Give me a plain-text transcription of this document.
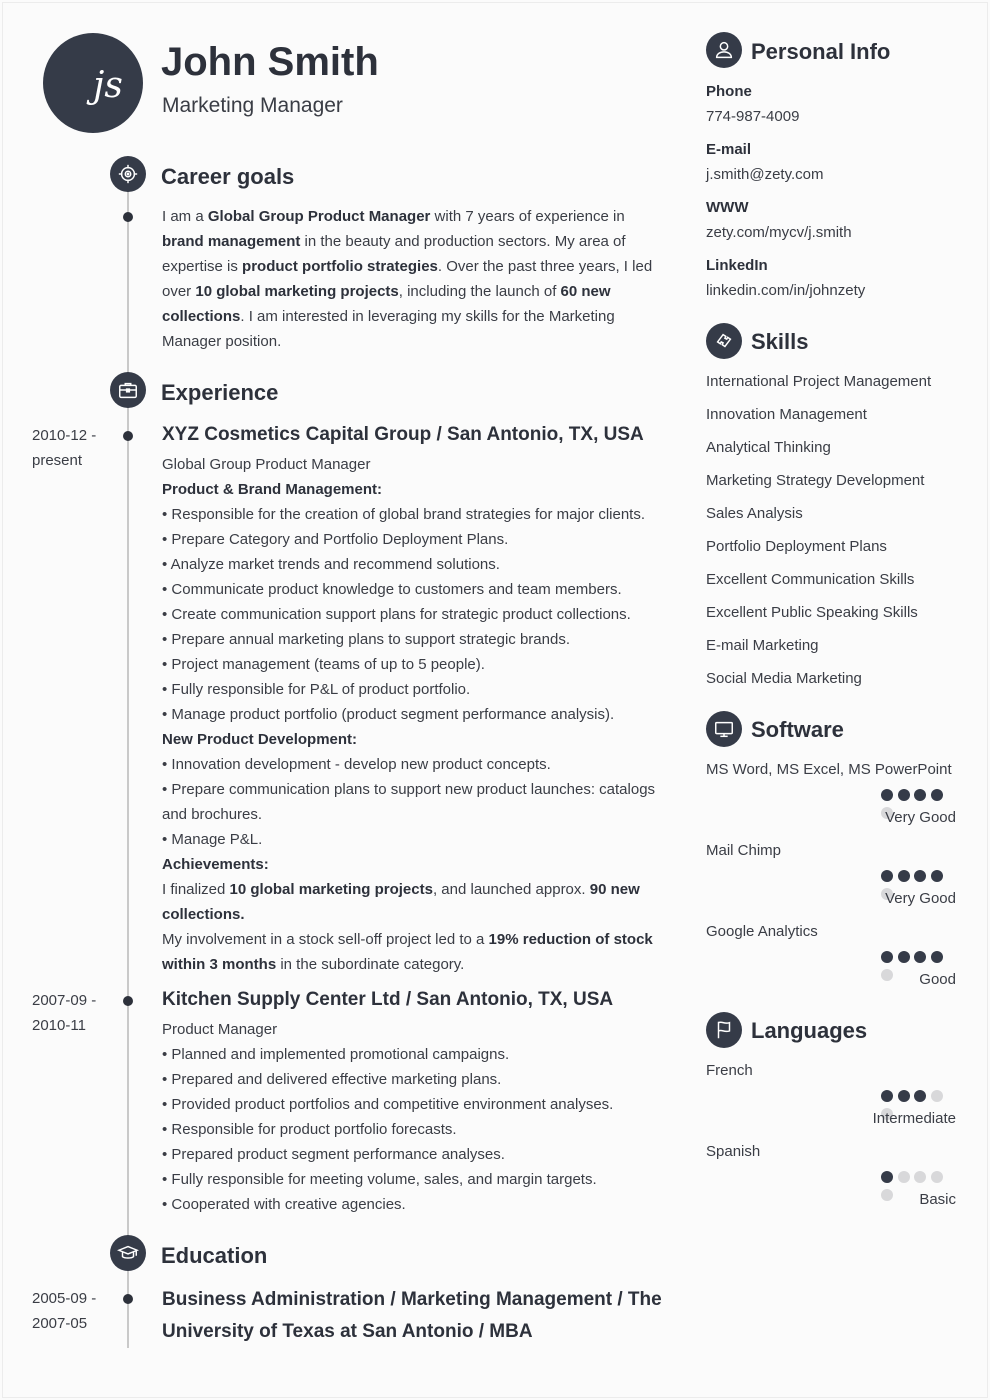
js
John Smith
Marketing Manager
Career goals

I am a Global Group Product Manager with 7 years of experience in brand management in the beauty and production sectors. My area of expertise is product portfolio strategies. Over the past three years, I led over 10 global marketing projects, including the launch of 60 new collections. I am interested in leveraging my skills for the Marketing Manager position.

Experience
2010-12 -
present
XYZ Cosmetics Capital Group / San Antonio, TX, USA
Global Group Product Manager
Product & Brand Management:
• Responsible for the creation of global brand strategies for major clients.
• Prepare Category and Portfolio Deployment Plans.
• Analyze market trends and recommend solutions.
• Communicate product knowledge to customers and team members.
• Create communication support plans for strategic product collections.
• Prepare annual marketing plans to support strategic brands.
• Project management (teams of up to 5 people).
• Fully responsible for P&L of product portfolio.
• Manage product portfolio (product segment performance analysis).
New Product Development:
• Innovation development - develop new product concepts.
• Prepare communication plans to support new product launches: catalogs and brochures.
• Manage P&L.
Achievements:
I finalized 10 global marketing projects, and launched approx. 90 new collections.
My involvement in a stock sell-off project led to a 19% reduction of stock within 3 months in the subordinate category.
2007-09 -
2010-11
Kitchen Supply Center Ltd / San Antonio, TX, USA
Product Manager
• Planned and implemented promotional campaigns.
• Prepared and delivered effective marketing plans.
• Provided product portfolios and competitive environment analyses.
• Responsible for product portfolio forecasts.
• Prepared product segment performance analyses.
• Fully responsible for meeting volume, sales, and margin targets.
• Cooperated with creative agencies.
Education
2005-09 -
2007-05
Business Administration / Marketing Management / The University of Texas at San Antonio / MBA
Personal Info
Phone
774-987-4009
E-mail
j.smith@zety.com
WWW
zety.com/mycv/j.smith
LinkedIn
linkedin.com/in/johnzety
Skills
International Project Management
Innovation Management
Analytical Thinking
Marketing Strategy Development
Sales Analysis
Portfolio Deployment Plans
Excellent Communication Skills
Excellent Public Speaking Skills
E-mail Marketing
Social Media Marketing
Software
MS Word, MS Excel, MS PowerPoint
Very Good
Mail Chimp
Very Good
Google Analytics
Good
Languages
French
Intermediate
Spanish
Basic
